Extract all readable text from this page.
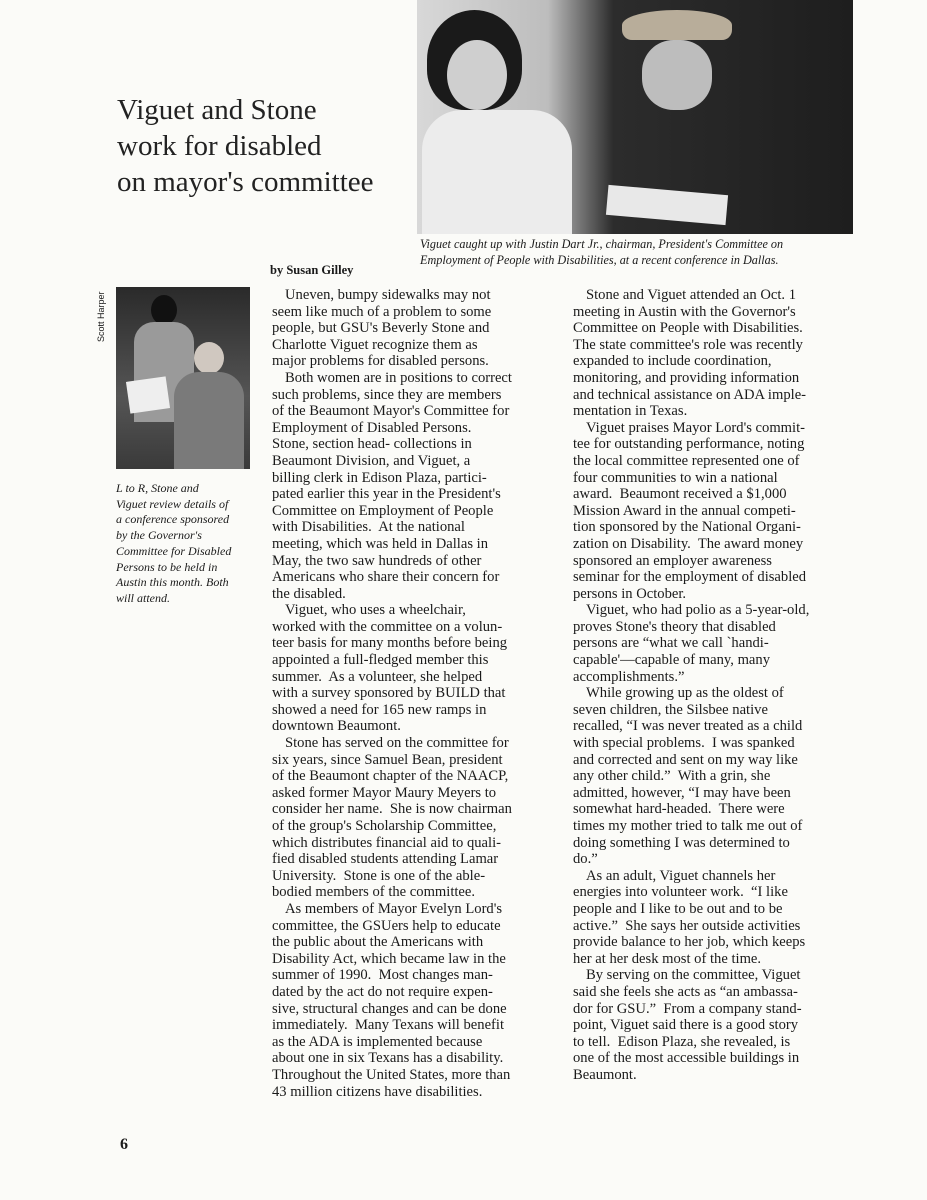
Viguet and Stone
work for disabled
on mayor's committee
Viguet caught up with Justin Dart Jr., chairman, President's Committee on
Employment of People with Disabilities, at a recent conference in Dallas.
Scott Harper
L to R, Stone and
Viguet review details of
a conference sponsored
by the Governor's
Committee for Disabled
Persons to be held in
Austin this month. Both
will attend.
by Susan Gilley

Uneven, bumpy sidewalks may not
seem like much of a problem to some
people, but GSU's Beverly Stone and
Charlotte Viguet recognize them as
major problems for disabled persons.

Both women are in positions to correct
such problems, since they are members
of the Beaumont Mayor's Committee for
Employment of Disabled Persons.
Stone, section head- collections in
Beaumont Division, and Viguet, a
billing clerk in Edison Plaza, partici-
pated earlier this year in the President's
Committee on Employment of People
with Disabilities.  At the national
meeting, which was held in Dallas in
May, the two saw hundreds of other
Americans who share their concern for
the disabled.

Viguet, who uses a wheelchair,
worked with the committee on a volun-
teer basis for many months before being
appointed a full-fledged member this
summer.  As a volunteer, she helped
with a survey sponsored by BUILD that
showed a need for 165 new ramps in
downtown Beaumont.

Stone has served on the committee for
six years, since Samuel Bean, president
of the Beaumont chapter of the NAACP,
asked former Mayor Maury Meyers to
consider her name.  She is now chairman
of the group's Scholarship Committee,
which distributes financial aid to quali-
fied disabled students attending Lamar
University.  Stone is one of the able-
bodied members of the committee.

As members of Mayor Evelyn Lord's
committee, the GSUers help to educate
the public about the Americans with
Disability Act, which became law in the
summer of 1990.  Most changes man-
dated by the act do not require expen-
sive, structural changes and can be done
immediately.  Many Texans will benefit
as the ADA is implemented because
about one in six Texans has a disability.
Throughout the United States, more than
43 million citizens have disabilities.

Stone and Viguet attended an Oct. 1
meeting in Austin with the Governor's
Committee on People with Disabilities.
The state committee's role was recently
expanded to include coordination,
monitoring, and providing information
and technical assistance on ADA imple-
mentation in Texas.

Viguet praises Mayor Lord's commit-
tee for outstanding performance, noting
the local committee represented one of
four communities to win a national
award.  Beaumont received a $1,000
Mission Award in the annual competi-
tion sponsored by the National Organi-
zation on Disability.  The award money
sponsored an employer awareness
seminar for the employment of disabled
persons in October.

Viguet, who had polio as a 5-year-old,
proves Stone's theory that disabled
persons are “what we call `handi-
capable'—capable of many, many
accomplishments.”

While growing up as the oldest of
seven children, the Silsbee native
recalled, “I was never treated as a child
with special problems.  I was spanked
and corrected and sent on my way like
any other child.”  With a grin, she
admitted, however, “I may have been
somewhat hard-headed.  There were
times my mother tried to talk me out of
doing something I was determined to
do.”

As an adult, Viguet channels her
energies into volunteer work.  “I like
people and I like to be out and to be
active.”  She says her outside activities
provide balance to her job, which keeps
her at her desk most of the time.

By serving on the committee, Viguet
said she feels she acts as “an ambassa-
dor for GSU.”  From a company stand-
point, Viguet said there is a good story
to tell.  Edison Plaza, she revealed, is
one of the most accessible buildings in
Beaumont.

6
